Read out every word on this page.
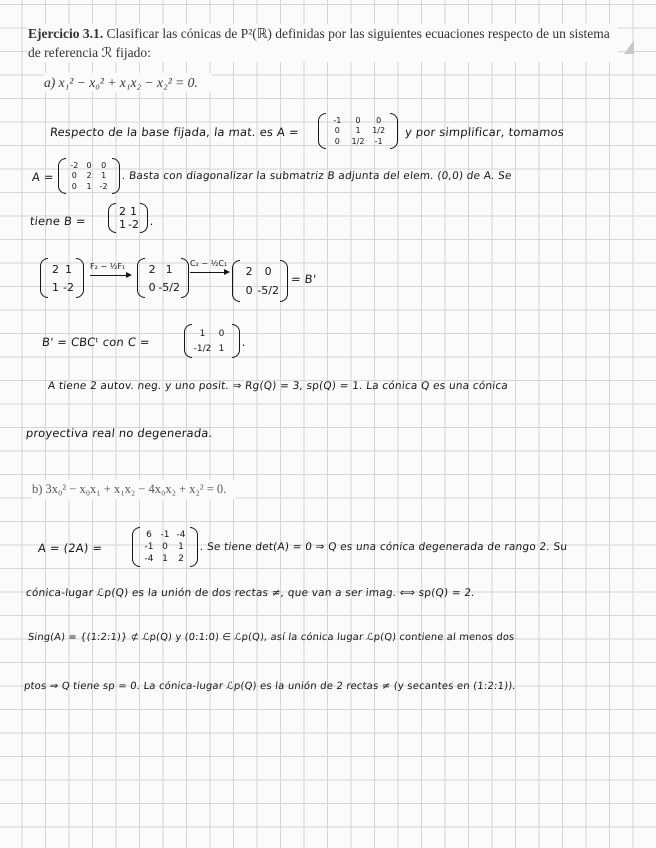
Ejercicio 3.1. Clasificar las cónicas de P²(ℝ) definidas por las siguientes ecuaciones respecto de un sistema de referencia ℛ fijado:
a) x₁² − x₀² + x₁x₂ − x₂² = 0.
Respecto de la base fijada, la mat. es A =
-1	0	0
0	1	1/2
0	1/2	-1
y por simplificar, tomamos
A =
-2	0	0
0	2	1
0	1	-2
. Basta con diagonalizar la submatriz B adjunta del elem. (0,0) de A. Se
tiene B =
2 1
1 -2 .
2 1
1 -2
F₂ − ½F₁ 2 1
0 -5/2
C₂ − ½C₁
2	0
0 -5/2
= B'
B' = CBCᵗ con C =
1	0
-1/2 1	.
A tiene 2 autov. neg. y uno posit. ⇒ Rg(Q) = 3, sp(Q) = 1. La cónica Q es una cónica
proyectiva real no degenerada.
b) 3x₀² − x₀x₁ + x₁x₂ − 4x₀x₂ + x₂² = 0.
A = (2A) =
6 -1 -4
-1 0	1
-4 1	2
. Se tiene det(A) = 0 ⇒ Q es una cónica degenerada de rango 2. Su
cónica-lugar ℒp(Q) es la unión de dos rectas ≠, que van a ser imag. ⟺ sp(Q) = 2.
Sing(A) = {(1:2:1)} ⊄ ℒp(Q) y (0:1:0) ∈ ℒp(Q), así la cónica lugar ℒp(Q) contiene al menos dos
ptos ⇒ Q tiene sp = 0. La cónica-lugar ℒp(Q) es la unión de 2 rectas ≠ (y secantes en (1:2:1)).
